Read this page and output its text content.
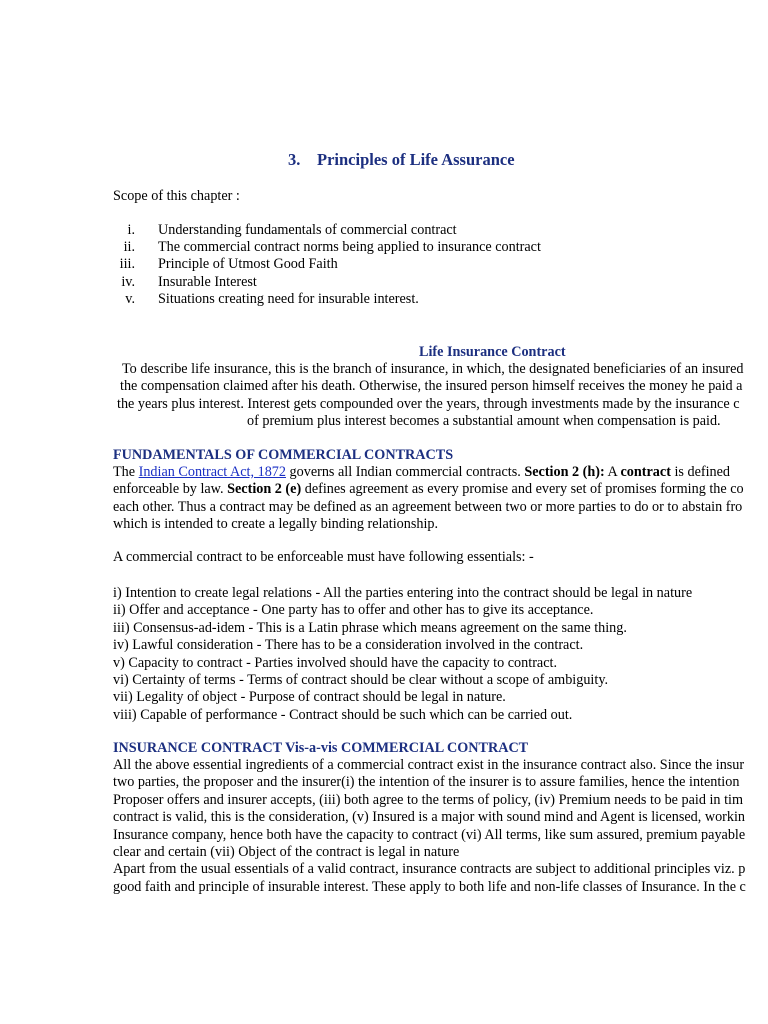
3. Principles of Life Assurance
Scope of this chapter :
i. Understanding fundamentals of commercial contract
ii. The commercial contract norms being applied to insurance contract
iii. Principle of Utmost Good Faith
iv. Insurable Interest
v. Situations creating need for insurable interest.
Life Insurance Contract
To describe life insurance, this is the branch of insurance, in which, the designated beneficiaries of an insured
the compensation claimed after his death. Otherwise, the insured person himself receives the money he paid a
the years plus interest. Interest gets compounded over the years, through investments made by the insurance c
of premium plus interest becomes a substantial amount when compensation is paid.
FUNDAMENTALS OF COMMERCIAL CONTRACTS
The Indian Contract Act, 1872 governs all Indian commercial contracts. Section 2 (h): A contract is defined
enforceable by law. Section 2 (e) defines agreement as every promise and every set of promises forming the co
each other. Thus a contract may be defined as an agreement between two or more parties to do or to abstain fro
which is intended to create a legally binding relationship.
A commercial contract to be enforceable must have following essentials: -
i) Intention to create legal relations - All the parties entering into the contract should be legal in nature
ii) Offer and acceptance - One party has to offer and other has to give its acceptance.
iii) Consensus-ad-idem - This is a Latin phrase which means agreement on the same thing.
iv) Lawful consideration - There has to be a consideration involved in the contract.
v) Capacity to contract - Parties involved should have the capacity to contract.
vi) Certainty of terms - Terms of contract should be clear without a scope of ambiguity.
vii) Legality of object - Purpose of contract should be legal in nature.
viii) Capable of performance - Contract should be such which can be carried out.
INSURANCE CONTRACT Vis-a-vis COMMERCIAL CONTRACT
All the above essential ingredients of a commercial contract exist in the insurance contract also. Since the insur
two parties, the proposer and the insurer(i) the intention of the insurer is to assure families, hence the intention
Proposer offers and insurer accepts, (iii) both agree to the terms of policy, (iv) Premium needs to be paid in tim
contract is valid, this is the consideration, (v) Insured is a major with sound mind and Agent is licensed, workin
Insurance company, hence both have the capacity to contract (vi) All terms, like sum assured, premium payable
clear and certain (vii) Object of the contract is legal in nature
Apart from the usual essentials of a valid contract, insurance contracts are subject to additional principles viz. p
good faith and principle of insurable interest. These apply to both life and non-life classes of Insurance. In the c
